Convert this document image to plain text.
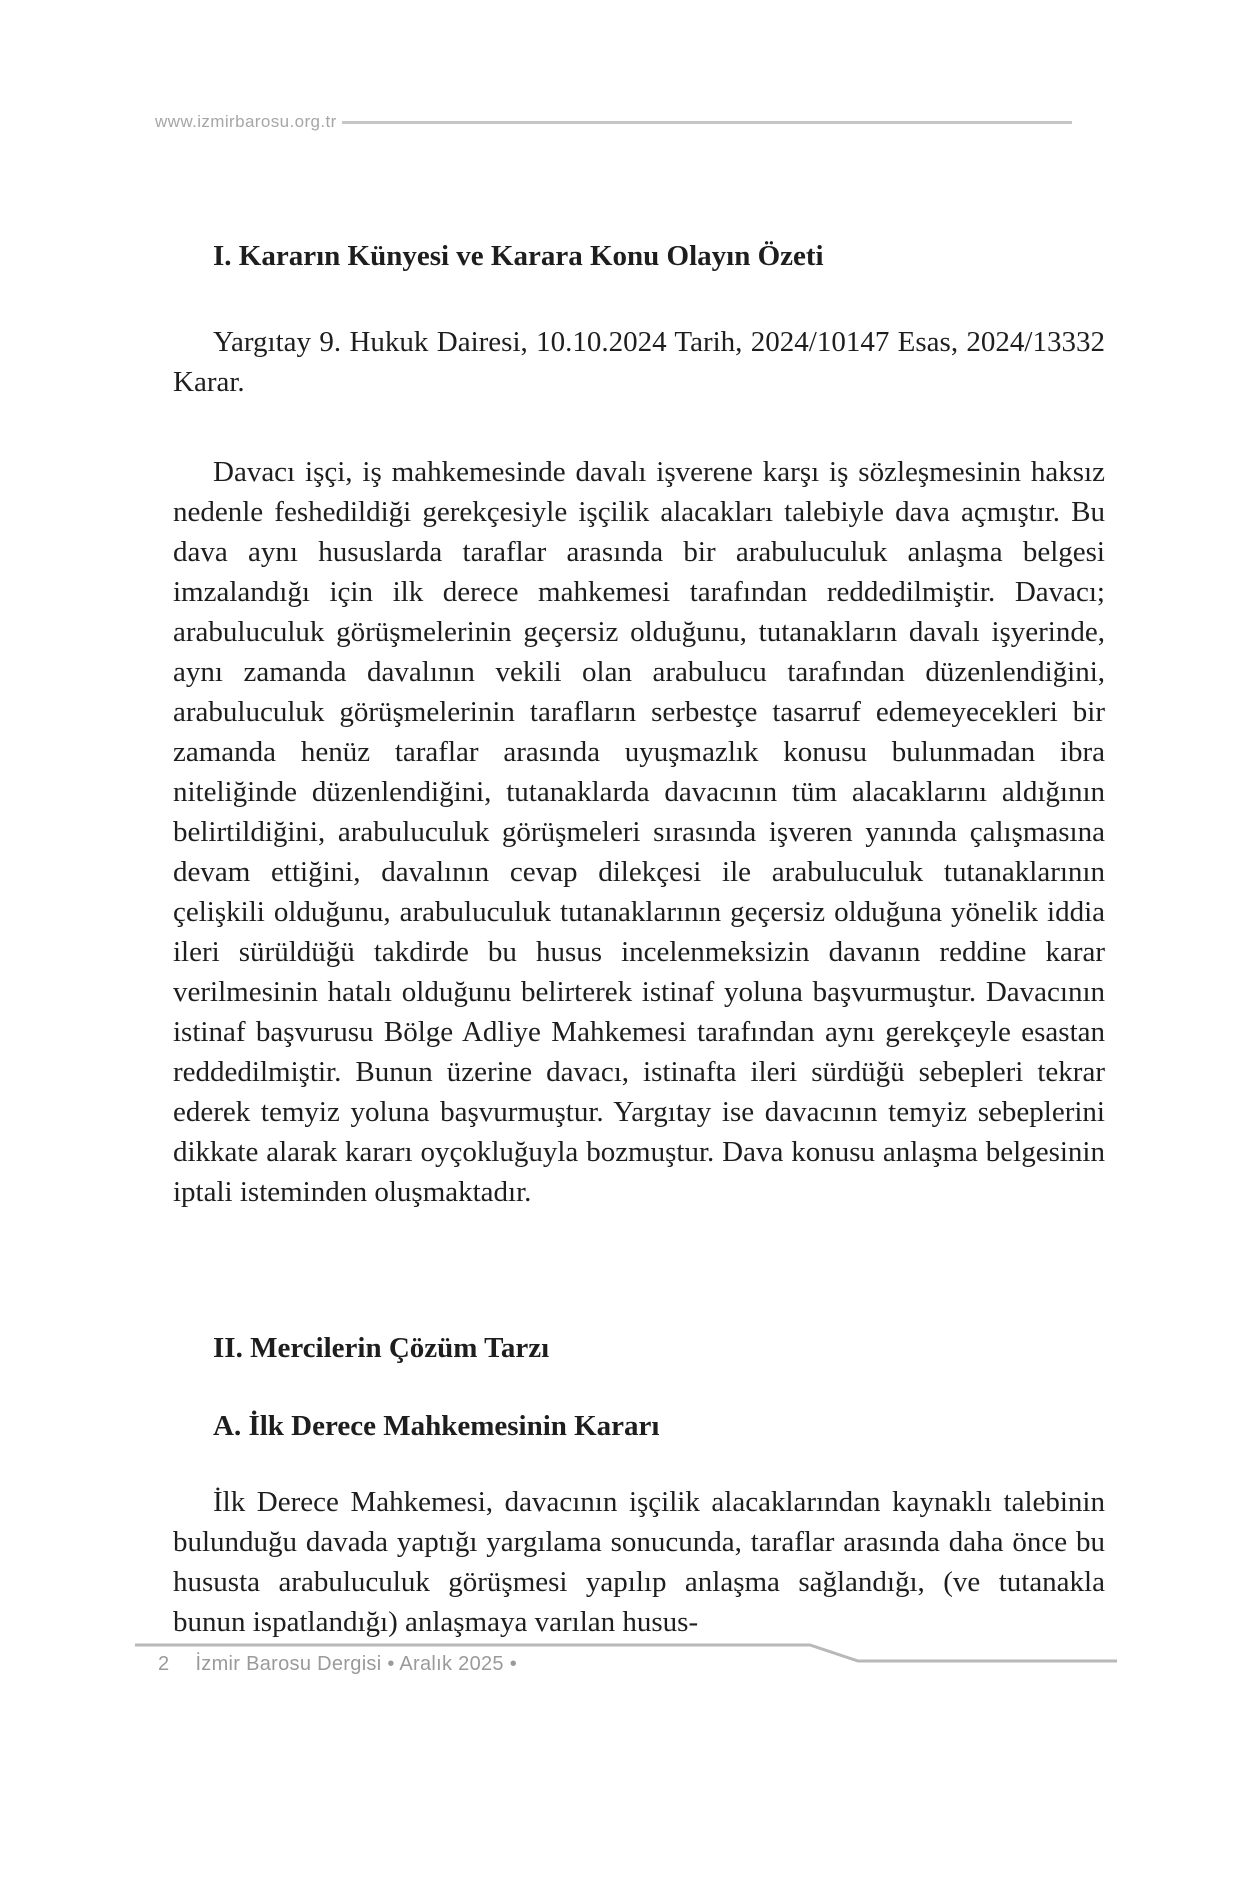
www.izmirbarosu.org.tr
I. Kararın Künyesi ve Karara Konu Olayın Özeti
Yargıtay 9. Hukuk Dairesi, 10.10.2024 Tarih, 2024/10147 Esas, 2024/13332 Karar.
Davacı işçi, iş mahkemesinde davalı işverene karşı iş sözleşmesinin haksız nedenle feshedildiği gerekçesiyle işçilik alacakları talebiyle dava açmıştır. Bu dava aynı hususlarda taraflar arasında bir arabuluculuk anlaşma belgesi imzalandığı için ilk derece mahkemesi tarafından reddedilmiştir. Davacı; arabuluculuk görüşmelerinin geçersiz olduğunu, tutanakların davalı işyerinde, aynı zamanda davalının vekili olan arabulucu tarafından düzenlendiğini, arabuluculuk görüşmelerinin tarafların serbestçe tasarruf edemeyecekleri bir zamanda henüz taraflar arasında uyuşmazlık konusu bulunmadan ibra niteliğinde düzenlendiğini, tutanaklarda davacının tüm alacaklarını aldığının belirtildiğini, arabuluculuk görüşmeleri sırasında işveren yanında çalışmasına devam ettiğini, davalının cevap dilekçesi ile arabuluculuk tutanaklarının çelişkili olduğunu, arabuluculuk tutanaklarının geçersiz olduğuna yönelik iddia ileri sürüldüğü takdirde bu husus incelenmeksizin davanın reddine karar verilmesinin hatalı olduğunu belirterek istinaf yoluna başvurmuştur. Davacının istinaf başvurusu Bölge Adliye Mahkemesi tarafından aynı gerekçeyle esastan reddedilmiştir. Bunun üzerine davacı, istinafta ileri sürdüğü sebepleri tekrar ederek temyiz yoluna başvurmuştur. Yargıtay ise davacının temyiz sebeplerini dikkate alarak kararı oyçokluğuyla bozmuştur. Dava konusu anlaşma belgesinin iptali isteminden oluşmaktadır.
II. Mercilerin Çözüm Tarzı
A. İlk Derece Mahkemesinin Kararı
İlk Derece Mahkemesi, davacının işçilik alacaklarından kaynaklı talebinin bulunduğu davada yaptığı yargılama sonucunda, taraflar arasında daha önce bu hususta arabuluculuk görüşmesi yapılıp anlaşma sağlandığı, (ve tutanakla bunun ispatlandığı) anlaşmaya varılan husus-
2 İzmir Barosu Dergisi • Aralık 2025 •
